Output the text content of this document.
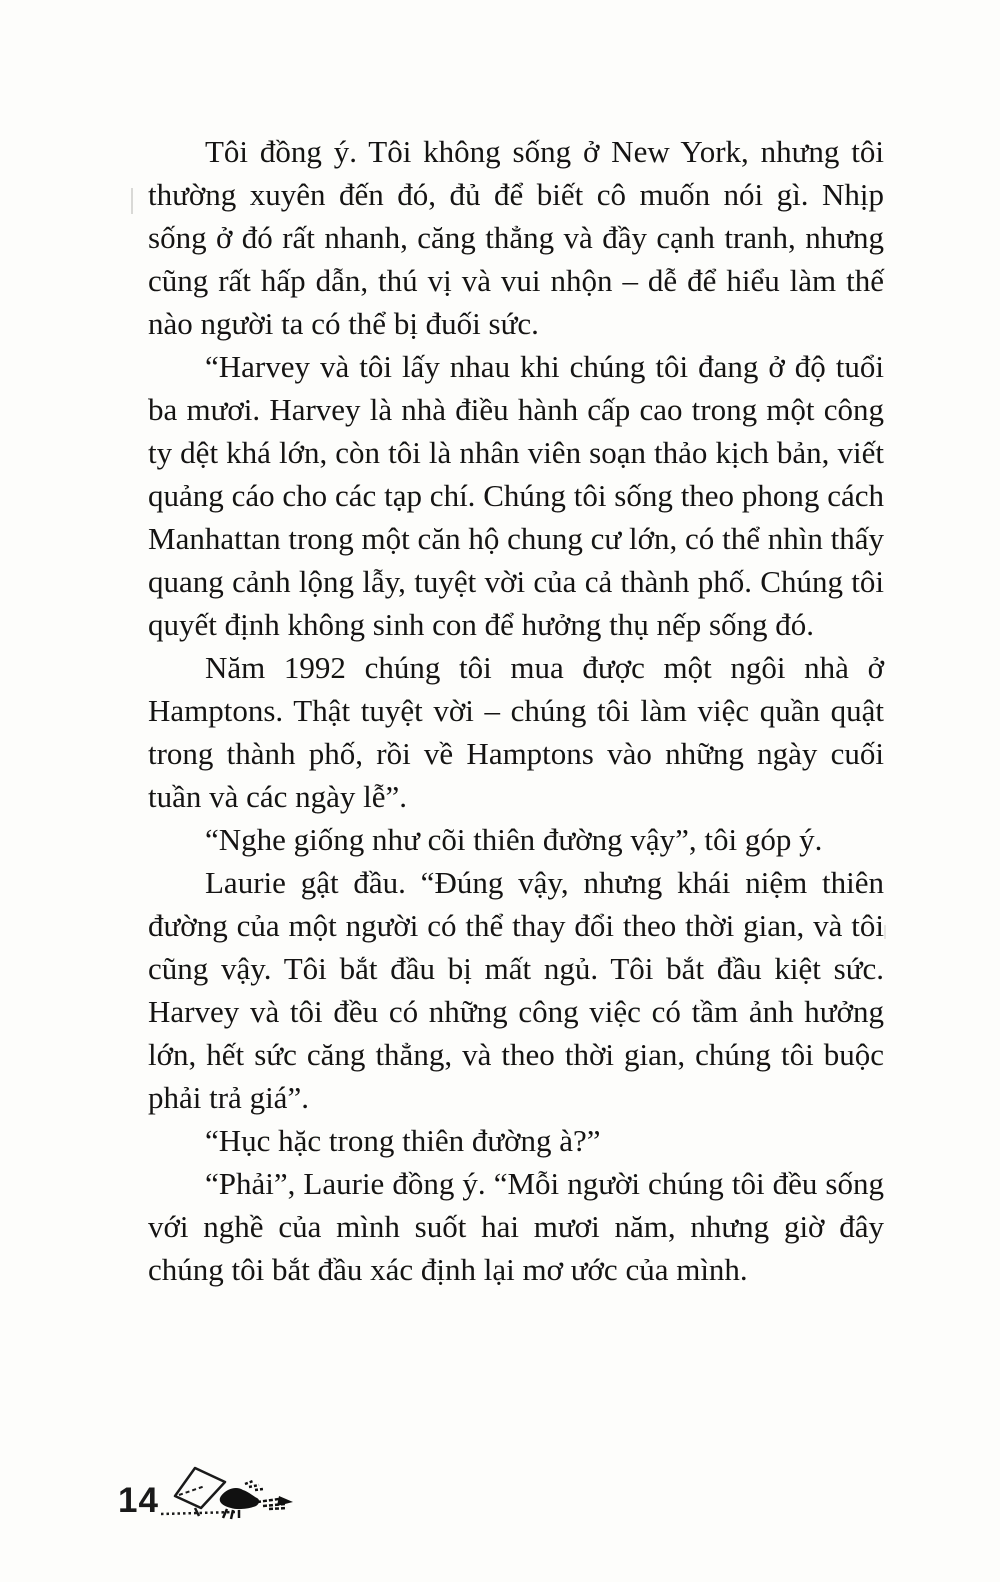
Tôi đồng ý. Tôi không sống ở New York, nhưng tôi thường xuyên đến đó, đủ để biết cô muốn nói gì. Nhịp sống ở đó rất nhanh, căng thẳng và đầy cạnh tranh, nhưng cũng rất hấp dẫn, thú vị và vui nhộn – dễ để hiểu làm thế nào người ta có thể bị đuối sức.

“Harvey và tôi lấy nhau khi chúng tôi đang ở độ tuổi ba mươi. Harvey là nhà điều hành cấp cao trong một công ty dệt khá lớn, còn tôi là nhân viên soạn thảo kịch bản, viết quảng cáo cho các tạp chí. Chúng tôi sống theo phong cách Manhattan trong một căn hộ chung cư lớn, có thể nhìn thấy quang cảnh lộng lẫy, tuyệt vời của cả thành phố. Chúng tôi quyết định không sinh con để hưởng thụ nếp sống đó.

Năm 1992 chúng tôi mua được một ngôi nhà ở Hamptons. Thật tuyệt vời – chúng tôi làm việc quần quật trong thành phố, rồi về Hamptons vào những ngày cuối tuần và các ngày lễ”.

“Nghe giống như cõi thiên đường vậy”, tôi góp ý.

Laurie gật đầu. “Đúng vậy, nhưng khái niệm thiên đường của một người có thể thay đổi theo thời gian, và tôi cũng vậy. Tôi bắt đầu bị mất ngủ. Tôi bắt đầu kiệt sức. Harvey và tôi đều có những công việc có tầm ảnh hưởng lớn, hết sức căng thẳng, và theo thời gian, chúng tôi buộc phải trả giá”.

“Hục hặc trong thiên đường à?”

“Phải”, Laurie đồng ý. “Mỗi người chúng tôi đều sống với nghề của mình suốt hai mươi năm, nhưng giờ đây chúng tôi bắt đầu xác định lại mơ ước của mình.

14
